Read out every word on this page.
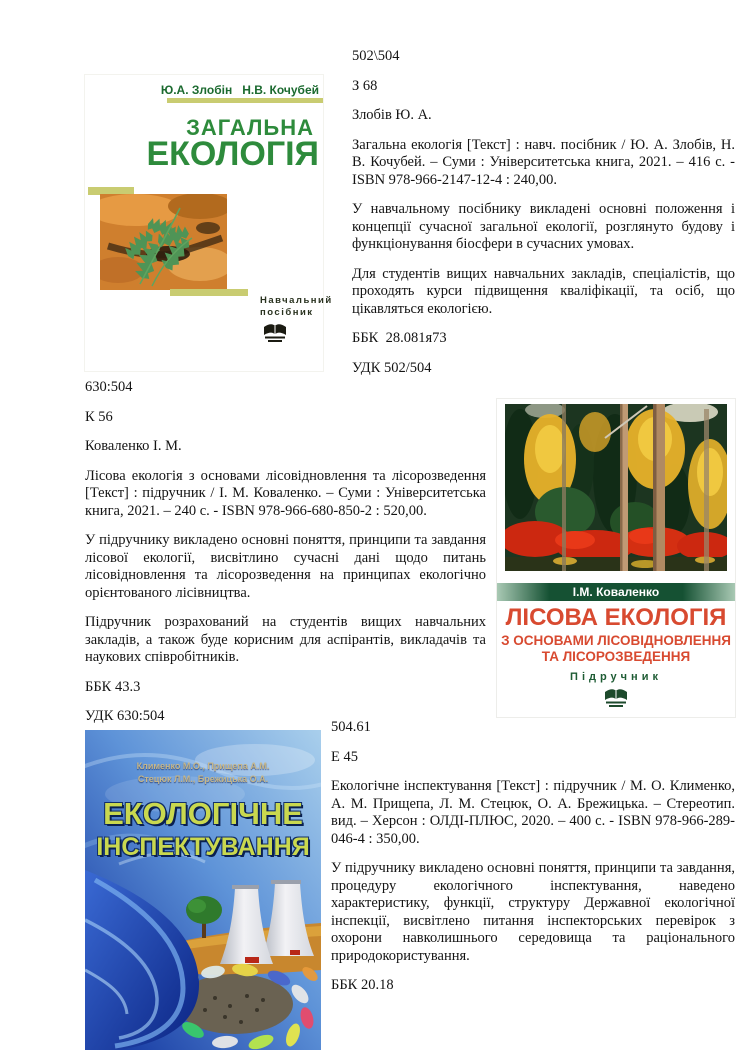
Ю.А. Злобін   Н.В. Кочубей
ЗАГАЛЬНА
ЕКОЛОГІЯ
Навчальний
посібник

502\504

З 68

Злобів Ю. А.

Загальна екологія [Текст] : навч. посібник / Ю. А. Злобів, Н. В. Кочубей. – Суми : Університетська книга, 2021. – 416 с. - ISBN 978-966-2147-12-4 : 240,00.

У навчальному посібнику викладені основні положення і концепції сучасної загальної екології, розглянуто будову і функціонування біосфери в сучасних умовах.

Для студентів вищих навчальних закладів, спеціалістів, що проходять курси підвищення кваліфікації, та осіб, що цікавляться екологією.

ББК  28.081я73

УДК 502/504

630:504

К 56

Коваленко І. М.

Лісова екологія з основами лісовідновлення та лісорозведення [Текст] : підручник / І. М. Коваленко. – Суми : Університетська книга, 2021. – 240 с. - ISBN 978-966-680-850-2 : 520,00.

У підручнику викладено основні поняття, принципи та завдання лісової екології, висвітлино сучасні дані щодо питань лісовідновлення та лісорозведення на принципах екологічно орієнтованого лісівництва.

Підручник розрахований на студентів вищих навчальних закладів, а також буде корисним для аспірантів, викладачів та наукових співробітників.

ББК 43.3

УДК 630:504

І.М. Коваленко
ЛІСОВА ЕКОЛОГІЯ
З ОСНОВАМИ ЛІСОВІДНОВЛЕННЯ
ТА ЛІСОРОЗВЕДЕННЯ
Підручник
Клименко М.О., Прищепа А.М.
Стецюк Л.М., Брежицька О.А.
ЕКОЛОГІЧНЕ
ІНСПЕКТУВАННЯ

504.61

Е 45

Екологічне інспектування [Текст] : підручник / М. О. Клименко, А. М. Прищепа, Л. М. Стецюк, О. А. Брежицька. – Стереотип. вид. – Херсон : ОЛДІ-ПЛЮС, 2020. – 400 с. - ISBN 978-966-289-046-4 : 350,00.

У підручнику викладено основні поняття, принципи та завдання, процедуру екологічного інспектування, наведено характеристику, функції, структуру Державної екологічної інспекції, висвітлено питання інспекторських перевірок з охорони навколишнього середовища та раціонального природокористування.

ББК 20.18
